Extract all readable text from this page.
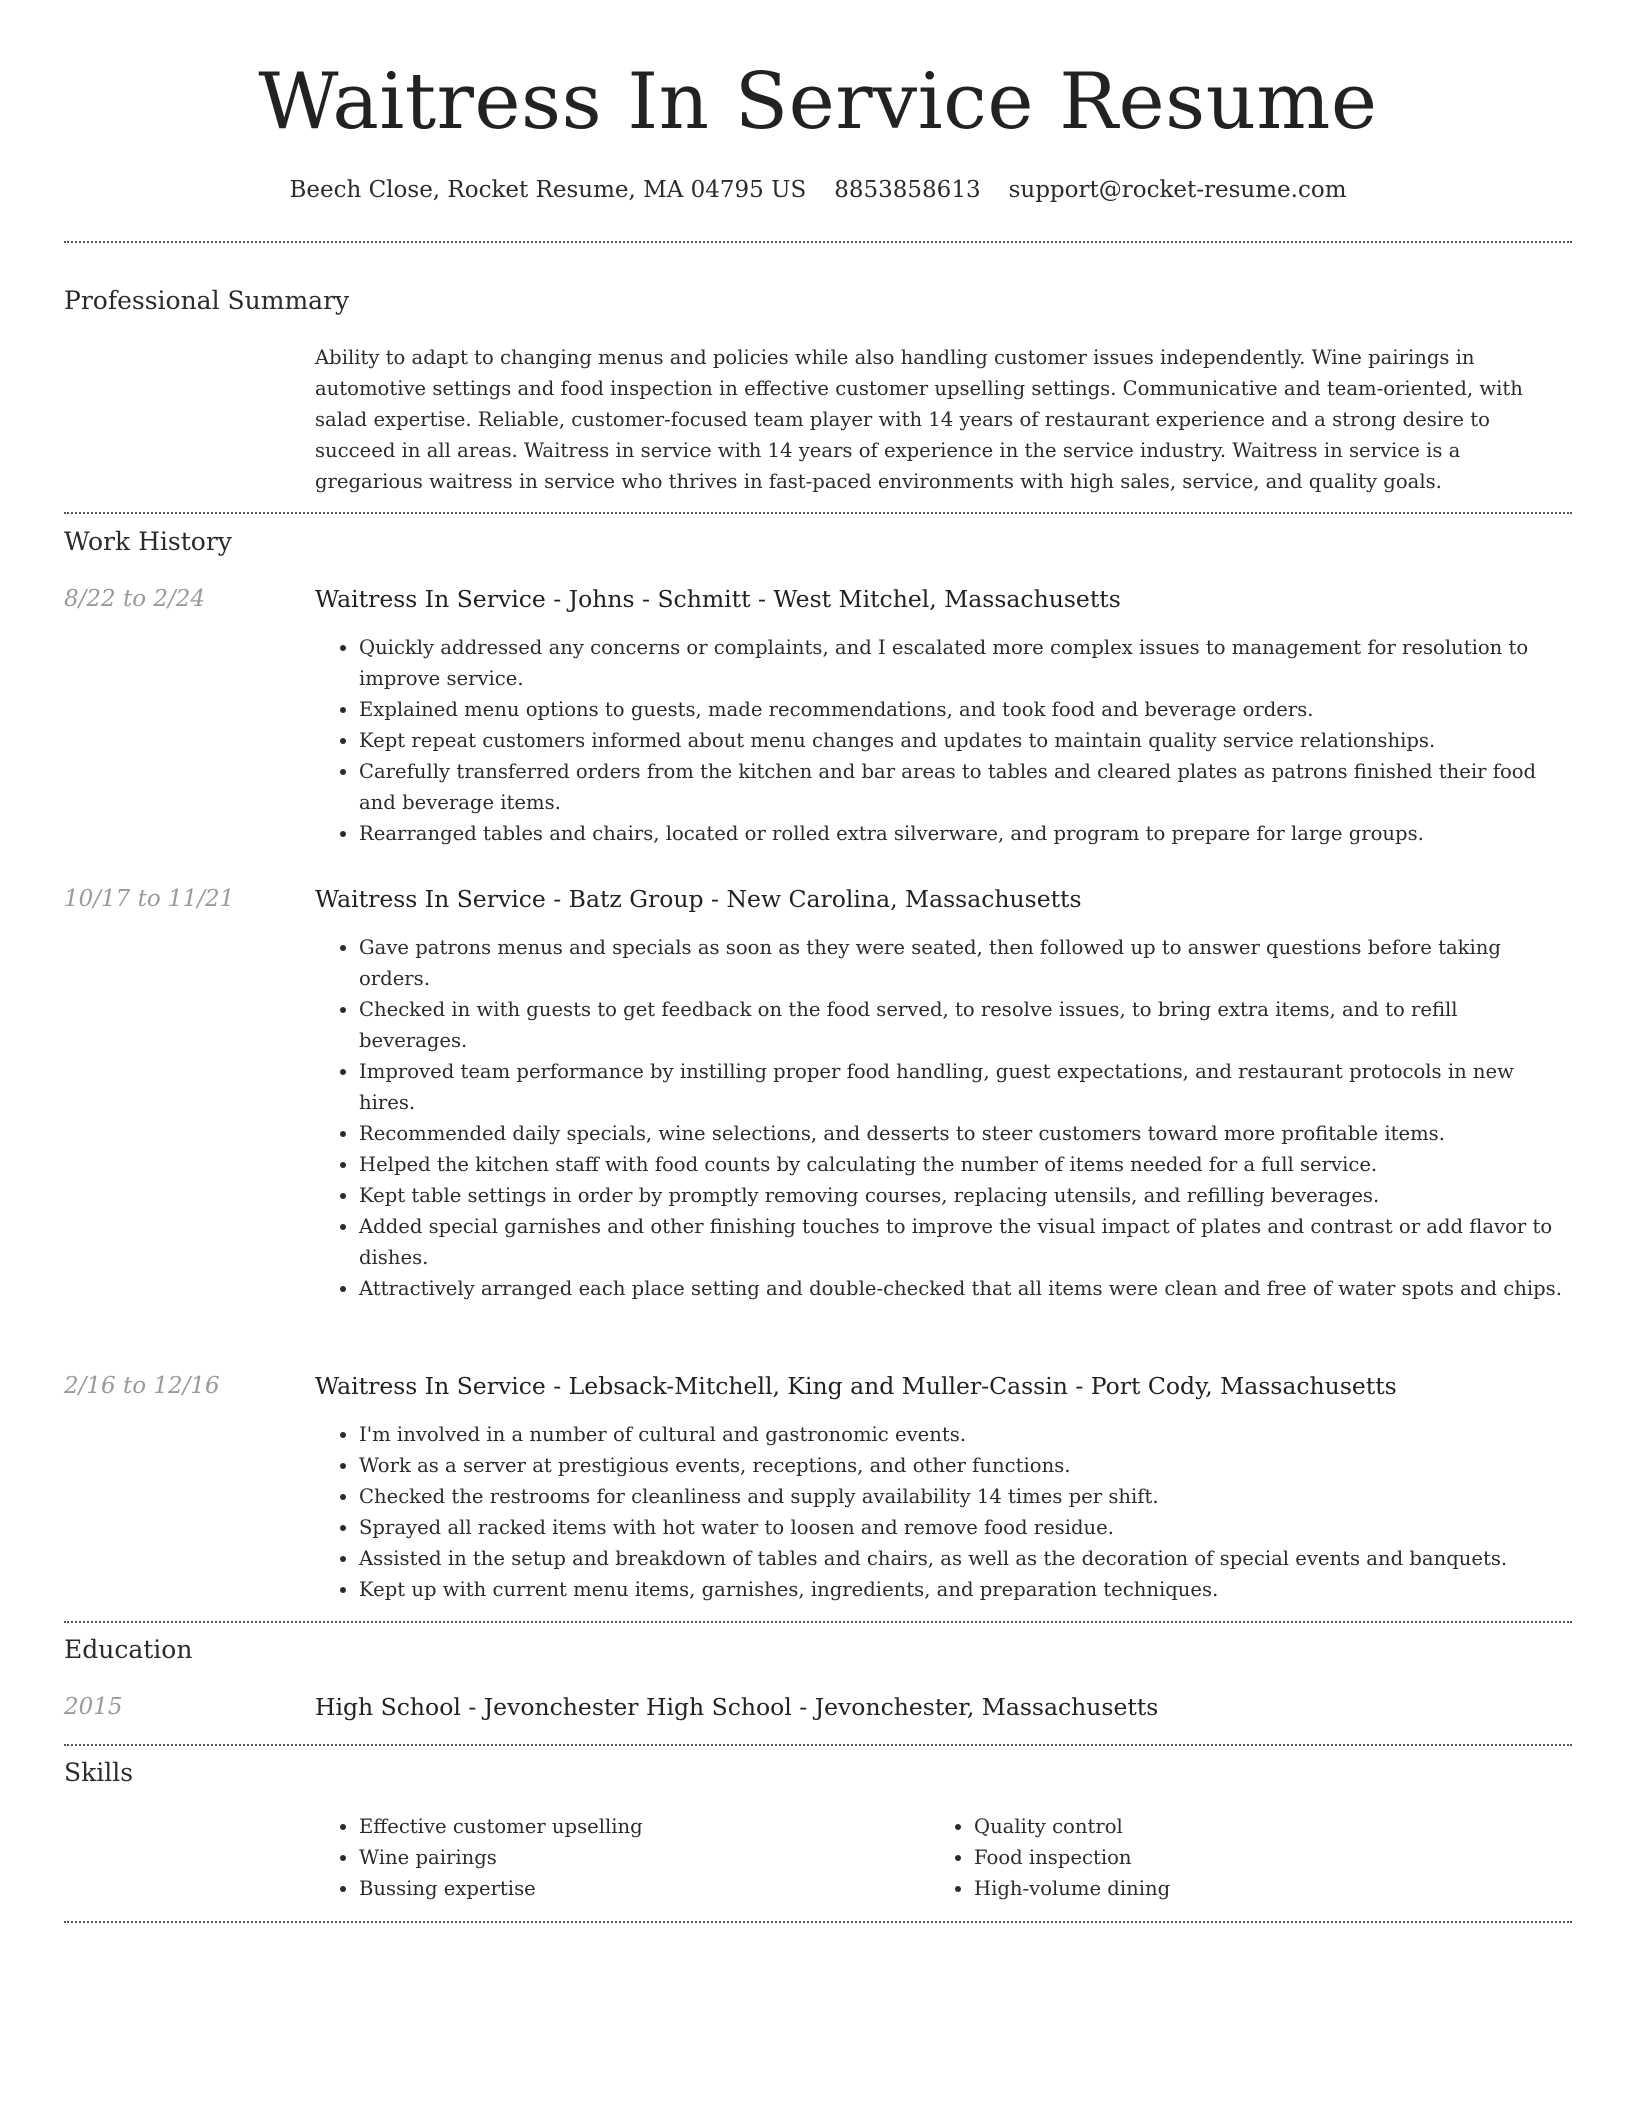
Waitress In Service Resume
Beech Close, Rocket Resume, MA 04795 US 8853858613 support@rocket-resume.com
Professional Summary

Ability to adapt to changing menus and policies while also handling customer issues independently. Wine pairings in automotive settings and food inspection in effective customer upselling settings. Communicative and team-oriented, with salad expertise. Reliable, customer-focused team player with 14 years of restaurant experience and a strong desire to succeed in all areas. Waitress in service with 14 years of experience in the service industry. Waitress in service is a gregarious waitress in service who thrives in fast-paced environments with high sales, service, and quality goals.

Work History
8/22 to 2/24	Waitress In Service - Johns - Schmitt - West Mitchel, Massachusetts
• Quickly addressed any concerns or complaints, and I escalated more complex issues to management for resolution to improve service.
• Explained menu options to guests, made recommendations, and took food and beverage orders.
• Kept repeat customers informed about menu changes and updates to maintain quality service relationships.
• Carefully transferred orders from the kitchen and bar areas to tables and cleared plates as patrons finished their food and beverage items.
• Rearranged tables and chairs, located or rolled extra silverware, and program to prepare for large groups.
10/17 to 11/21	Waitress In Service - Batz Group - New Carolina, Massachusetts
• Gave patrons menus and specials as soon as they were seated, then followed up to answer questions before taking orders.
• Checked in with guests to get feedback on the food served, to resolve issues, to bring extra items, and to refill beverages.
• Improved team performance by instilling proper food handling, guest expectations, and restaurant protocols in new hires.
• Recommended daily specials, wine selections, and desserts to steer customers toward more profitable items.
• Helped the kitchen staff with food counts by calculating the number of items needed for a full service.
• Kept table settings in order by promptly removing courses, replacing utensils, and refilling beverages.
• Added special garnishes and other finishing touches to improve the visual impact of plates and contrast or add flavor to dishes.
• Attractively arranged each place setting and double-checked that all items were clean and free of water spots and chips.
2/16 to 12/16	Waitress In Service - Lebsack-Mitchell, King and Muller-Cassin - Port Cody, Massachusetts
• I'm involved in a number of cultural and gastronomic events.
• Work as a server at prestigious events, receptions, and other functions.
• Checked the restrooms for cleanliness and supply availability 14 times per shift.
• Sprayed all racked items with hot water to loosen and remove food residue.
• Assisted in the setup and breakdown of tables and chairs, as well as the decoration of special events and banquets.
• Kept up with current menu items, garnishes, ingredients, and preparation techniques.
Education
2015	High School - Jevonchester High School - Jevonchester, Massachusetts
Skills
• Effective customer upselling
• Wine pairings
• Bussing expertise
• Quality control
• Food inspection
• High-volume dining
